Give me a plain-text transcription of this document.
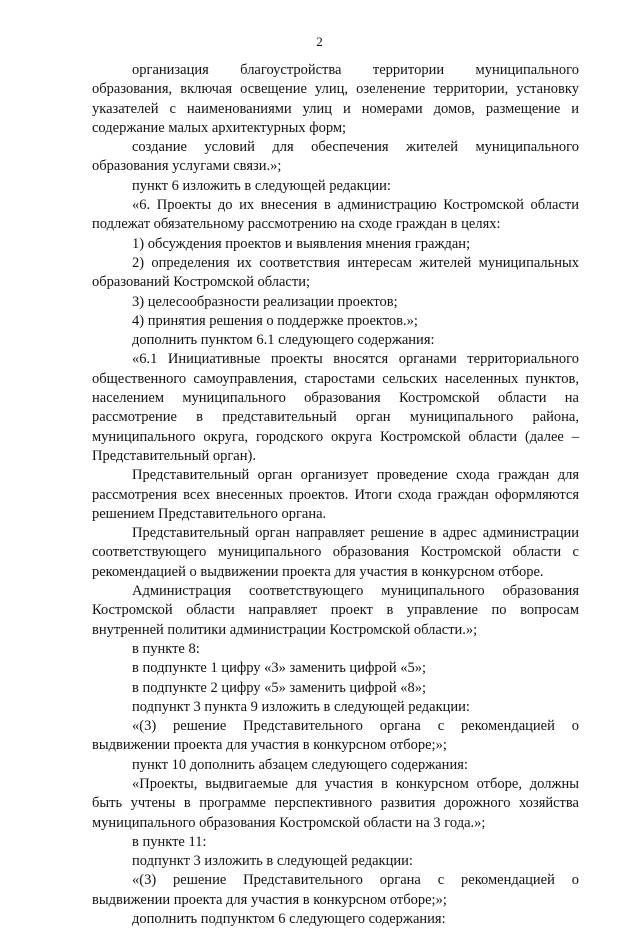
2

организация благоустройства территории муниципального образования, включая освещение улиц, озеленение территории, установку указателей с наименованиями улиц и номерами домов, размещение и содержание малых архитектурных форм;

создание условий для обеспечения жителей муниципального образования услугами связи.»;

пункт 6 изложить в следующей редакции:

«6. Проекты до их внесения в администрацию Костромской области подлежат обязательному рассмотрению на сходе граждан в целях:

1) обсуждения проектов и выявления мнения граждан;

2) определения их соответствия интересам жителей муниципальных образований Костромской области;

3) целесообразности реализации проектов;

4) принятия решения о поддержке проектов.»;

дополнить пунктом 6.1 следующего содержания:

«6.1 Инициативные проекты вносятся органами территориального общественного самоуправления, старостами сельских населенных пунктов, населением муниципального образования Костромской области на рассмотрение в представительный орган муниципального района, муниципального округа, городского округа Костромской области (далее – Представительный орган).

Представительный орган организует проведение схода граждан для рассмотрения всех внесенных проектов. Итоги схода граждан оформляются решением Представительного органа.

Представительный орган направляет решение в адрес администрации соответствующего муниципального образования Костромской области с рекомендацией о выдвижении проекта для участия в конкурсном отборе.

Администрация соответствующего муниципального образования Костромской области направляет проект в управление по вопросам внутренней политики администрации Костромской области.»;

в пункте 8:

в подпункте 1 цифру «3» заменить цифрой «5»;

в подпункте 2 цифру «5» заменить цифрой «8»;

подпункт 3 пункта 9 изложить в следующей редакции:

«(3) решение Представительного органа с рекомендацией о выдвижении проекта для участия в конкурсном отборе;»;

пункт 10 дополнить абзацем следующего содержания:

«Проекты, выдвигаемые для участия в конкурсном отборе, должны быть учтены в программе перспективного развития дорожного хозяйства муниципального образования Костромской области на 3 года.»;

в пункте 11:

подпункт 3 изложить в следующей редакции:

«(3) решение Представительного органа с рекомендацией о выдвижении проекта для участия в конкурсном отборе;»;

дополнить подпунктом 6 следующего содержания:
